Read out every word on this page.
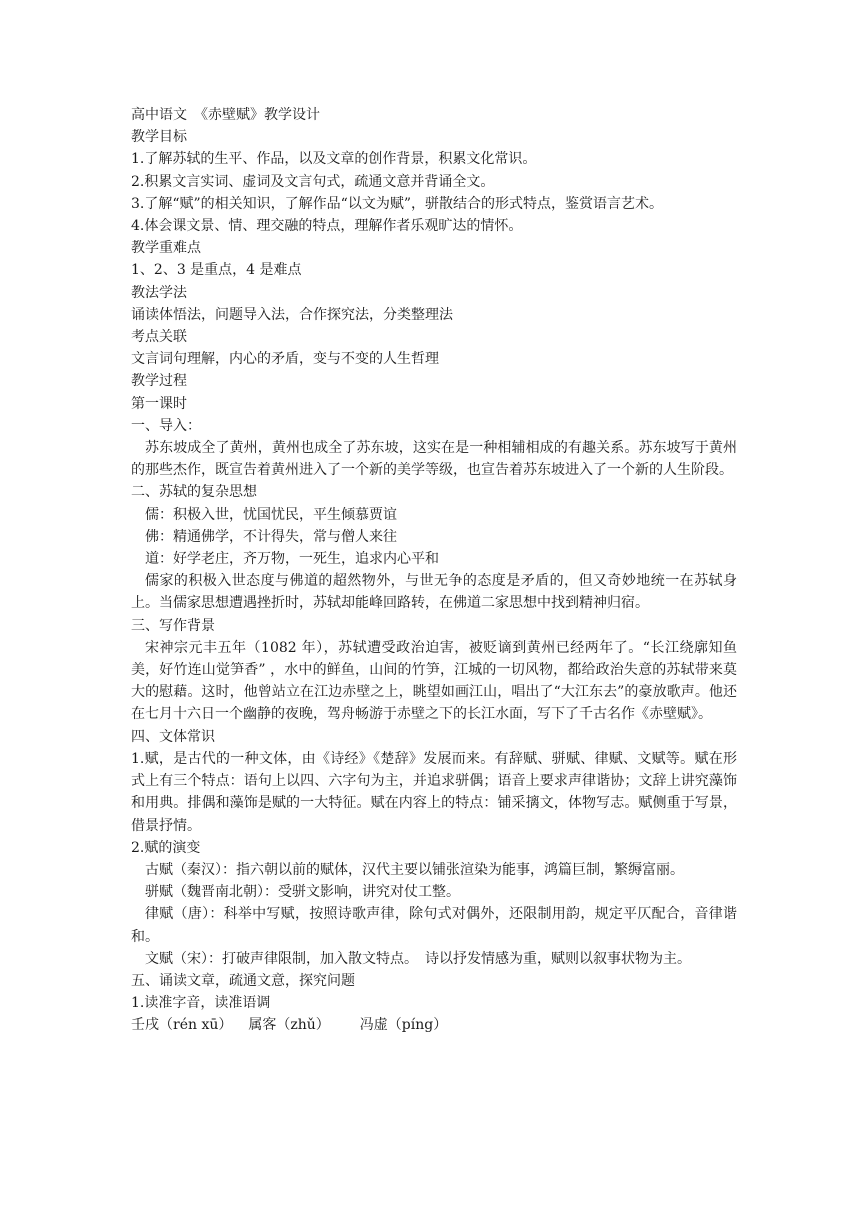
高中语文　《赤壁赋》教学设计
教学目标
1.了解苏轼的生平、作品，以及文章的创作背景，积累文化常识。
2.积累文言实词、虚词及文言句式，疏通文意并背诵全文。
3.了解“赋”的相关知识，了解作品“以文为赋”，骈散结合的形式特点，鉴赏语言艺术。
4.体会课文景、情、理交融的特点，理解作者乐观旷达的情怀。
教学重难点
1、2、3 是重点，4 是难点
教法学法
诵读体悟法，问题导入法，合作探究法，分类整理法
考点关联
文言词句理解，内心的矛盾，变与不变的人生哲理
教学过程
第一课时
一、导入：
苏东坡成全了黄州，黄州也成全了苏东坡，这实在是一种相辅相成的有趣关系。苏东坡写于黄州的那些杰作，既宣告着黄州进入了一个新的美学等级，也宣告着苏东坡进入了一个新的人生阶段。
二、苏轼的复杂思想
儒：积极入世，忧国忧民，平生倾慕贾谊
佛：精通佛学，不计得失，常与僧人来往
道：好学老庄，齐万物，一死生，追求内心平和
儒家的积极入世态度与佛道的超然物外，与世无争的态度是矛盾的，但又奇妙地统一在苏轼身上。当儒家思想遭遇挫折时，苏轼却能峰回路转，在佛道二家思想中找到精神归宿。
三、写作背景
宋神宗元丰五年（1082 年），苏轼遭受政治迫害，被贬谪到黄州已经两年了。“长江绕廓知鱼美，好竹连山觉笋香” ，水中的鲜鱼，山间的竹笋，江城的一切风物，都给政治失意的苏轼带来莫大的慰藉。这时，他曾站立在江边赤壁之上，眺望如画江山，唱出了“大江东去”的豪放歌声。他还在七月十六日一个幽静的夜晚，驾舟畅游于赤壁之下的长江水面，写下了千古名作《赤壁赋》。
四、文体常识
1.赋，是古代的一种文体，由《诗经》《楚辞》发展而来。有辞赋、骈赋、律赋、文赋等。赋在形式上有三个特点：语句上以四、六字句为主，并追求骈偶；语音上要求声律谐协；文辞上讲究藻饰和用典。排偶和藻饰是赋的一大特征。赋在内容上的特点：铺采摛文，体物写志。赋侧重于写景，借景抒情。
2.赋的演变
古赋（秦汉）：指六朝以前的赋体，汉代主要以铺张渲染为能事，鸿篇巨制，繁缛富丽。
骈赋（魏晋南北朝）：受骈文影响，讲究对仗工整。
律赋（唐）：科举中写赋，按照诗歌声律，除句式对偶外，还限制用韵，规定平仄配合，音律谐和。
文赋（宋）：打破声律限制，加入散文特点。　诗以抒发情感为重，赋则以叙事状物为主。
五、诵读文章，疏通文意，探究问题
1.读准字音，读准语调
壬戌（rén xū） 属客（zhǔ） 冯虚（píng）
